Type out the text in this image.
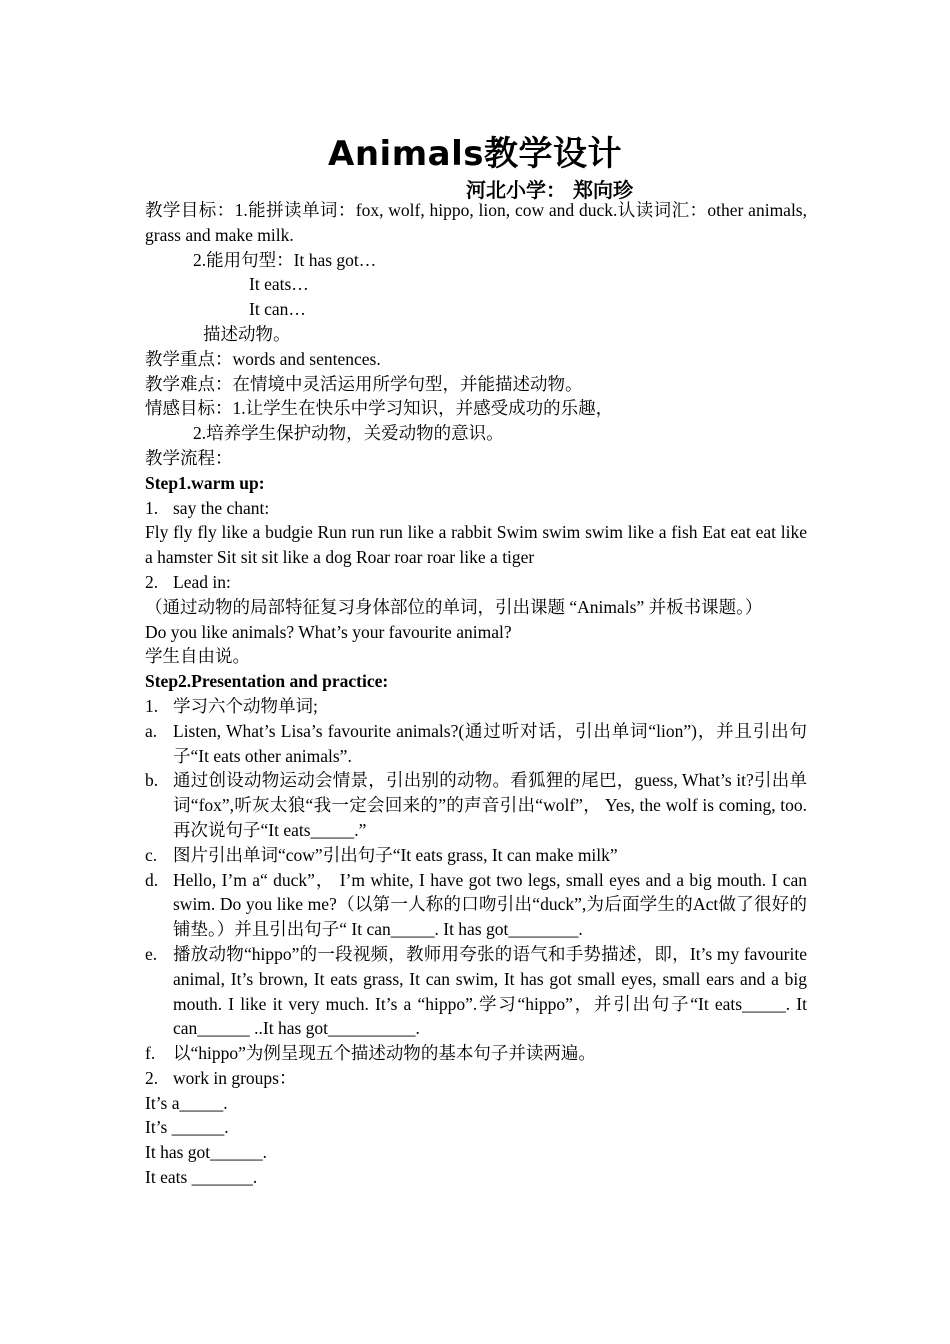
Animals教学设计
河北小学： 郑向珍

教学目标：1.能拼读单词：fox, wolf, hippo, lion, cow and duck.认读词汇：other animals, grass and make milk.

2.能用句型：It has got…

It eats…

It can…

描述动物。

教学重点：words and sentences.

教学难点：在情境中灵活运用所学句型，并能描述动物。

情感目标：1.让学生在快乐中学习知识，并感受成功的乐趣，

2.培养学生保护动物，关爱动物的意识。

教学流程：

Step1.warm up:

1. say the chant:

Fly fly fly like a budgie Run run run like a rabbit Swim swim swim like a fish Eat eat eat like a hamster Sit sit sit like a dog Roar roar roar like a tiger

2. Lead in:

（通过动物的局部特征复习身体部位的单词，引出课题 “Animals” 并板书课题。）

Do you like animals? What’s your favourite animal?

学生自由说。

Step2.Presentation and practice:

1. 学习六个动物单词;
a. Listen, What’s Lisa’s favourite animals?(通过听对话，引出单词“lion”)，并且引出句子“It eats other animals”.
b. 通过创设动物运动会情景，引出别的动物。看狐狸的尾巴，guess, What’s it?引出单词“fox”,听灰太狼“我一定会回来的”的声音引出“wolf”， Yes, the wolf is coming, too.再次说句子“It eats_____.”
c. 图片引出单词“cow”引出句子“It eats grass, It can make milk”
d. Hello, I’m a“ duck”， I’m white, I have got two legs, small eyes and a big mouth. I can swim. Do you like me?（以第一人称的口吻引出“duck”,为后面学生的Act做了很好的铺垫。）并且引出句子“ It can_____. It has got________.
e. 播放动物“hippo”的一段视频，教师用夸张的语气和手势描述，即，It’s my favourite animal, It’s brown, It eats grass, It can swim, It has got small eyes, small ears and a big mouth. I like it very much. It’s a “hippo”.学习“hippo”，并引出句子“It eats_____. It can______ ..It has got__________.
f. 以“hippo”为例呈现五个描述动物的基本句子并读两遍。
2. work in groups：

It’s a_____.

It’s ______.

It has got______.

It eats _______.
